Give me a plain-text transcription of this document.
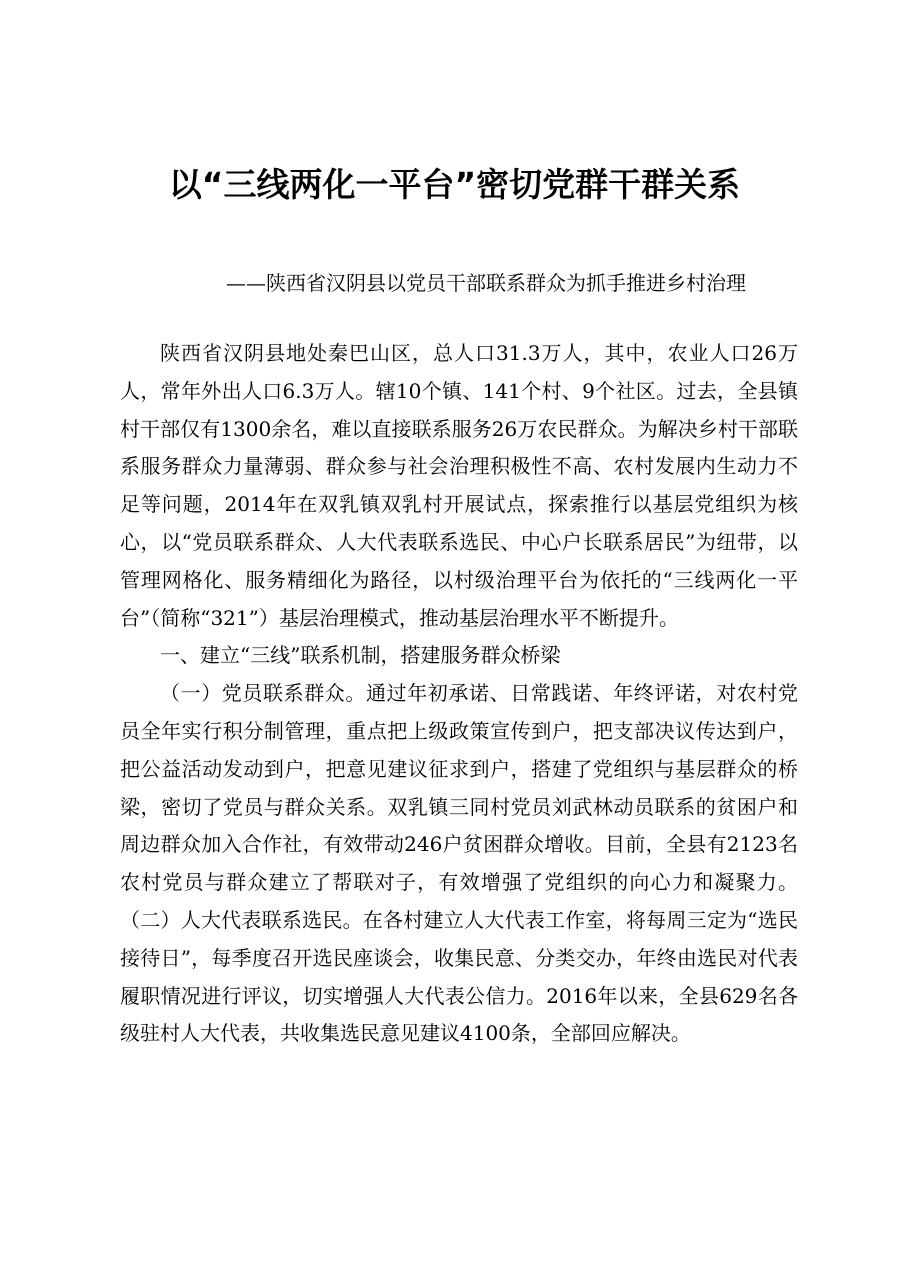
以“三线两化一平台”密切党群干群关系

——陕西省汉阴县以党员干部联系群众为抓手推进乡村治理

陕西省汉阴县地处秦巴山区，总人口31.3万人，其中，农业人口26万人，常年外出人口6.3万人。辖10个镇、141个村、9个社区。过去，全县镇村干部仅有1300余名，难以直接联系服务26万农民群众。为解决乡村干部联系服务群众力量薄弱、群众参与社会治理积极性不高、农村发展内生动力不足等问题，2014年在双乳镇双乳村开展试点，探索推行以基层党组织为核心，以“党员联系群众、人大代表联系选民、中心户长联系居民”为纽带，以管理网格化、服务精细化为路径，以村级治理平台为依托的“三线两化一平台”（简称“321”）基层治理模式，推动基层治理水平不断提升。

一、建立“三线”联系机制，搭建服务群众桥梁

（一）党员联系群众。通过年初承诺、日常践诺、年终评诺，对农村党员全年实行积分制管理，重点把上级政策宣传到户，把支部决议传达到户，把公益活动发动到户，把意见建议征求到户，搭建了党组织与基层群众的桥梁，密切了党员与群众关系。双乳镇三同村党员刘武林动员联系的贫困户和周边群众加入合作社，有效带动246户贫困群众增收。目前，全县有2123名农村党员与群众建立了帮联对子，有效增强了党组织的向心力和凝聚力。（二）人大代表联系选民。在各村建立人大代表工作室，将每周三定为“选民接待日”，每季度召开选民座谈会，收集民意、分类交办，年终由选民对代表履职情况进行评议，切实增强人大代表公信力。2016年以来，全县629名各级驻村人大代表，共收集选民意见建议4100条，全部回应解决。
